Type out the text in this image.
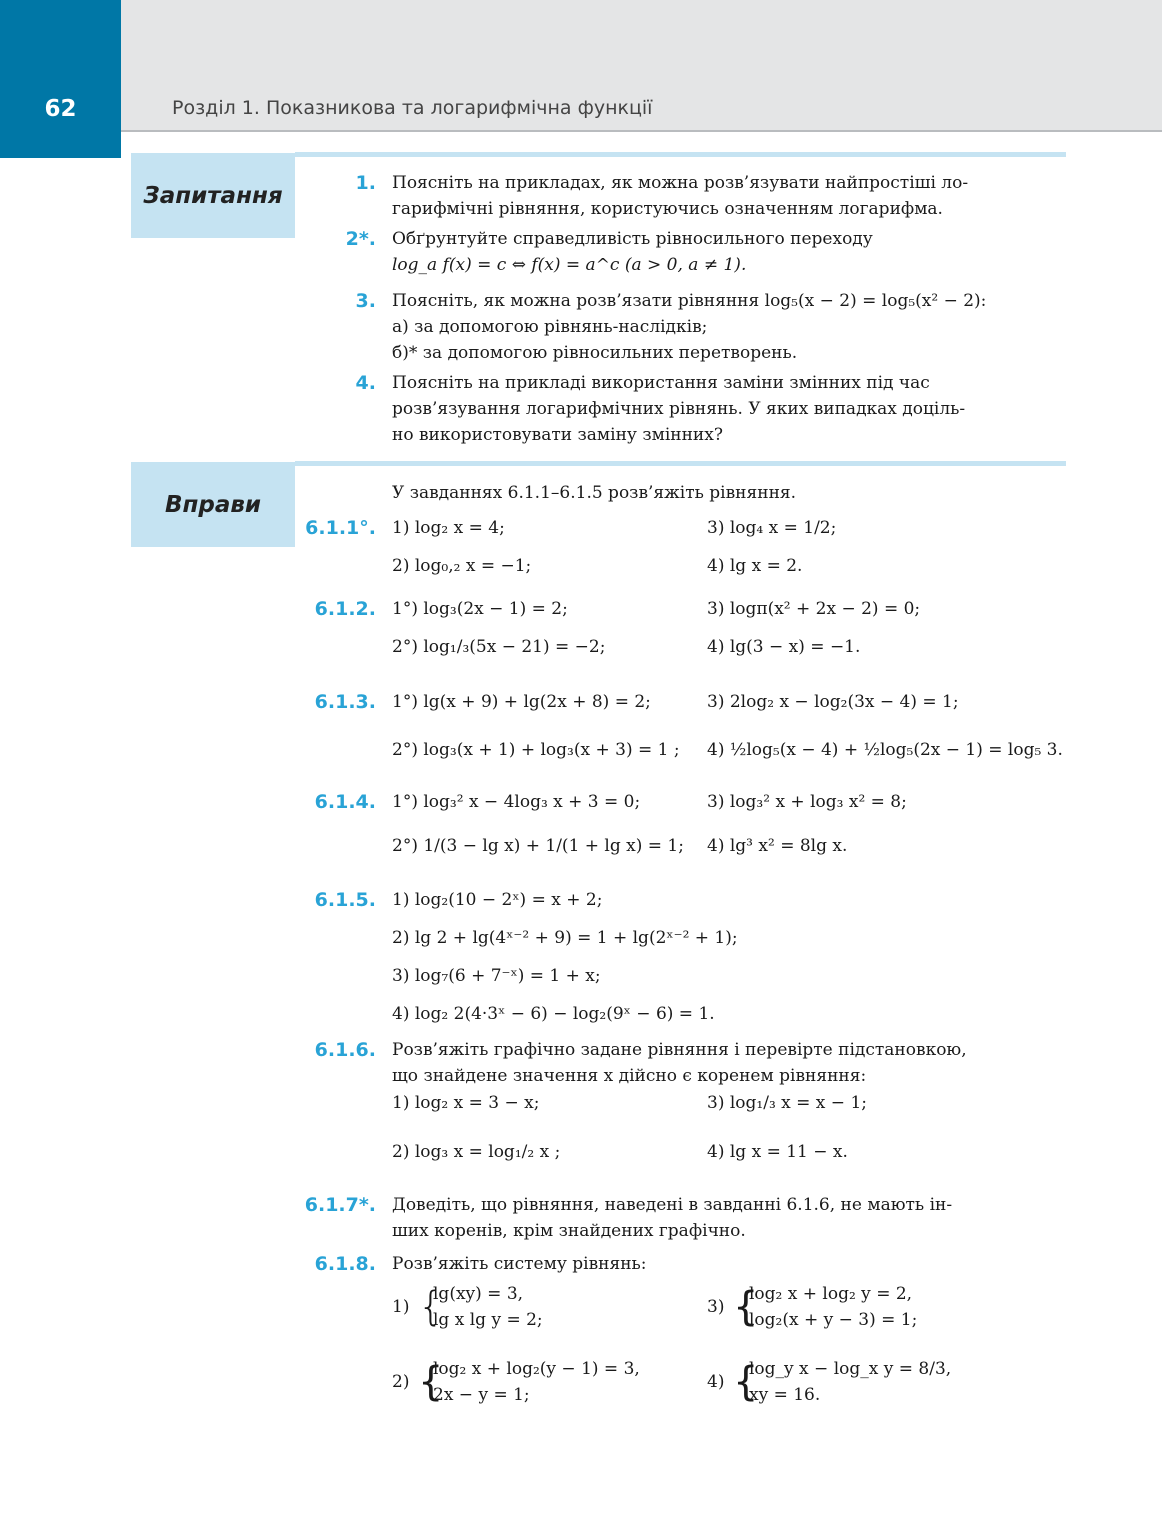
62	Розділ 1. Показникова та логарифмічна функції
Запитання	1. Поясніть на прикладах, як можна розв’язувати найпростіші ло-
гарифмічні рівняння, користуючись означенням логарифма.
2*. Обґрунтуйте справедливість рівносильного переходу
log_a f(x) = c ⇔ f(x) = a^c (a > 0, a ≠ 1).
3. Поясніть, як можна розв’язати рівняння log₅(x − 2) = log₅(x² − 2):
а) за допомогою рівнянь-наслідків;
б)* за допомогою рівносильних перетворень.
4. Поясніть на прикладі використання заміни змінних під час
розв’язування логарифмічних рівнянь. У яких випадках доціль-
но використовувати заміну змінних?
Вправи	У завданнях 6.1.1–6.1.5 розв’яжіть рівняння.
6.1.1°. 1) log₂ x = 4;	3) log₄ x = 1/2;
2) log₀,₂ x = −1;	4) lg x = 2.
6.1.2. 1°) log₃(2x − 1) = 2;	3) logπ(x² + 2x − 2) = 0;
2°) log₁/₃(5x − 21) = −2;	4) lg(3 − x) = −1.
6.1.3. 1°) lg(x + 9) + lg(2x + 8) = 2;	3) 2log₂ x − log₂(3x − 4) = 1;
2°) log₃(x + 1) + log₃(x + 3) = 1 ; 4) ½log₅(x − 4) + ½log₅(2x − 1) = log₅ 3.
6.1.4. 1°) log₃² x − 4log₃ x + 3 = 0;	3) log₃² x + log₃ x² = 8;
2°) 1/(3 − lg x) + 1/(1 + lg x) = 1; 4) lg³ x² = 8lg x.
6.1.5. 1) log₂(10 − 2ˣ) = x + 2;
2) lg 2 + lg(4ˣ⁻² + 9) = 1 + lg(2ˣ⁻² + 1);
3) log₇(6 + 7⁻ˣ) = 1 + x;
4) log₂ 2(4·3ˣ − 6) − log₂(9ˣ − 6) = 1.
6.1.6. Розв’яжіть графічно задане рівняння і перевірте підстановкою,
що знайдене значення x дійсно є коренем рівняння:
1) log₂ x = 3 − x;	3) log₁/₃ x = x − 1;
2) log₃ x = log₁/₂ x ;	4) lg x = 11 − x.
6.1.7*. Доведіть, що рівняння, наведені в завданні 6.1.6, не мають ін-
ших коренів, крім знайдених графічно.
6.1.8. Розв’яжіть систему рівнянь:
1) {
lg(xy) = 3,
lg x lg y = 2;
3) {
log₂ x + log₂ y = 2,
log₂(x + y − 3) = 1;
2) {
log₂ x + log₂(y − 1) = 3,
2x − y = 1;
4) {
log_y x − log_x y = 8/3,
xy = 16.
